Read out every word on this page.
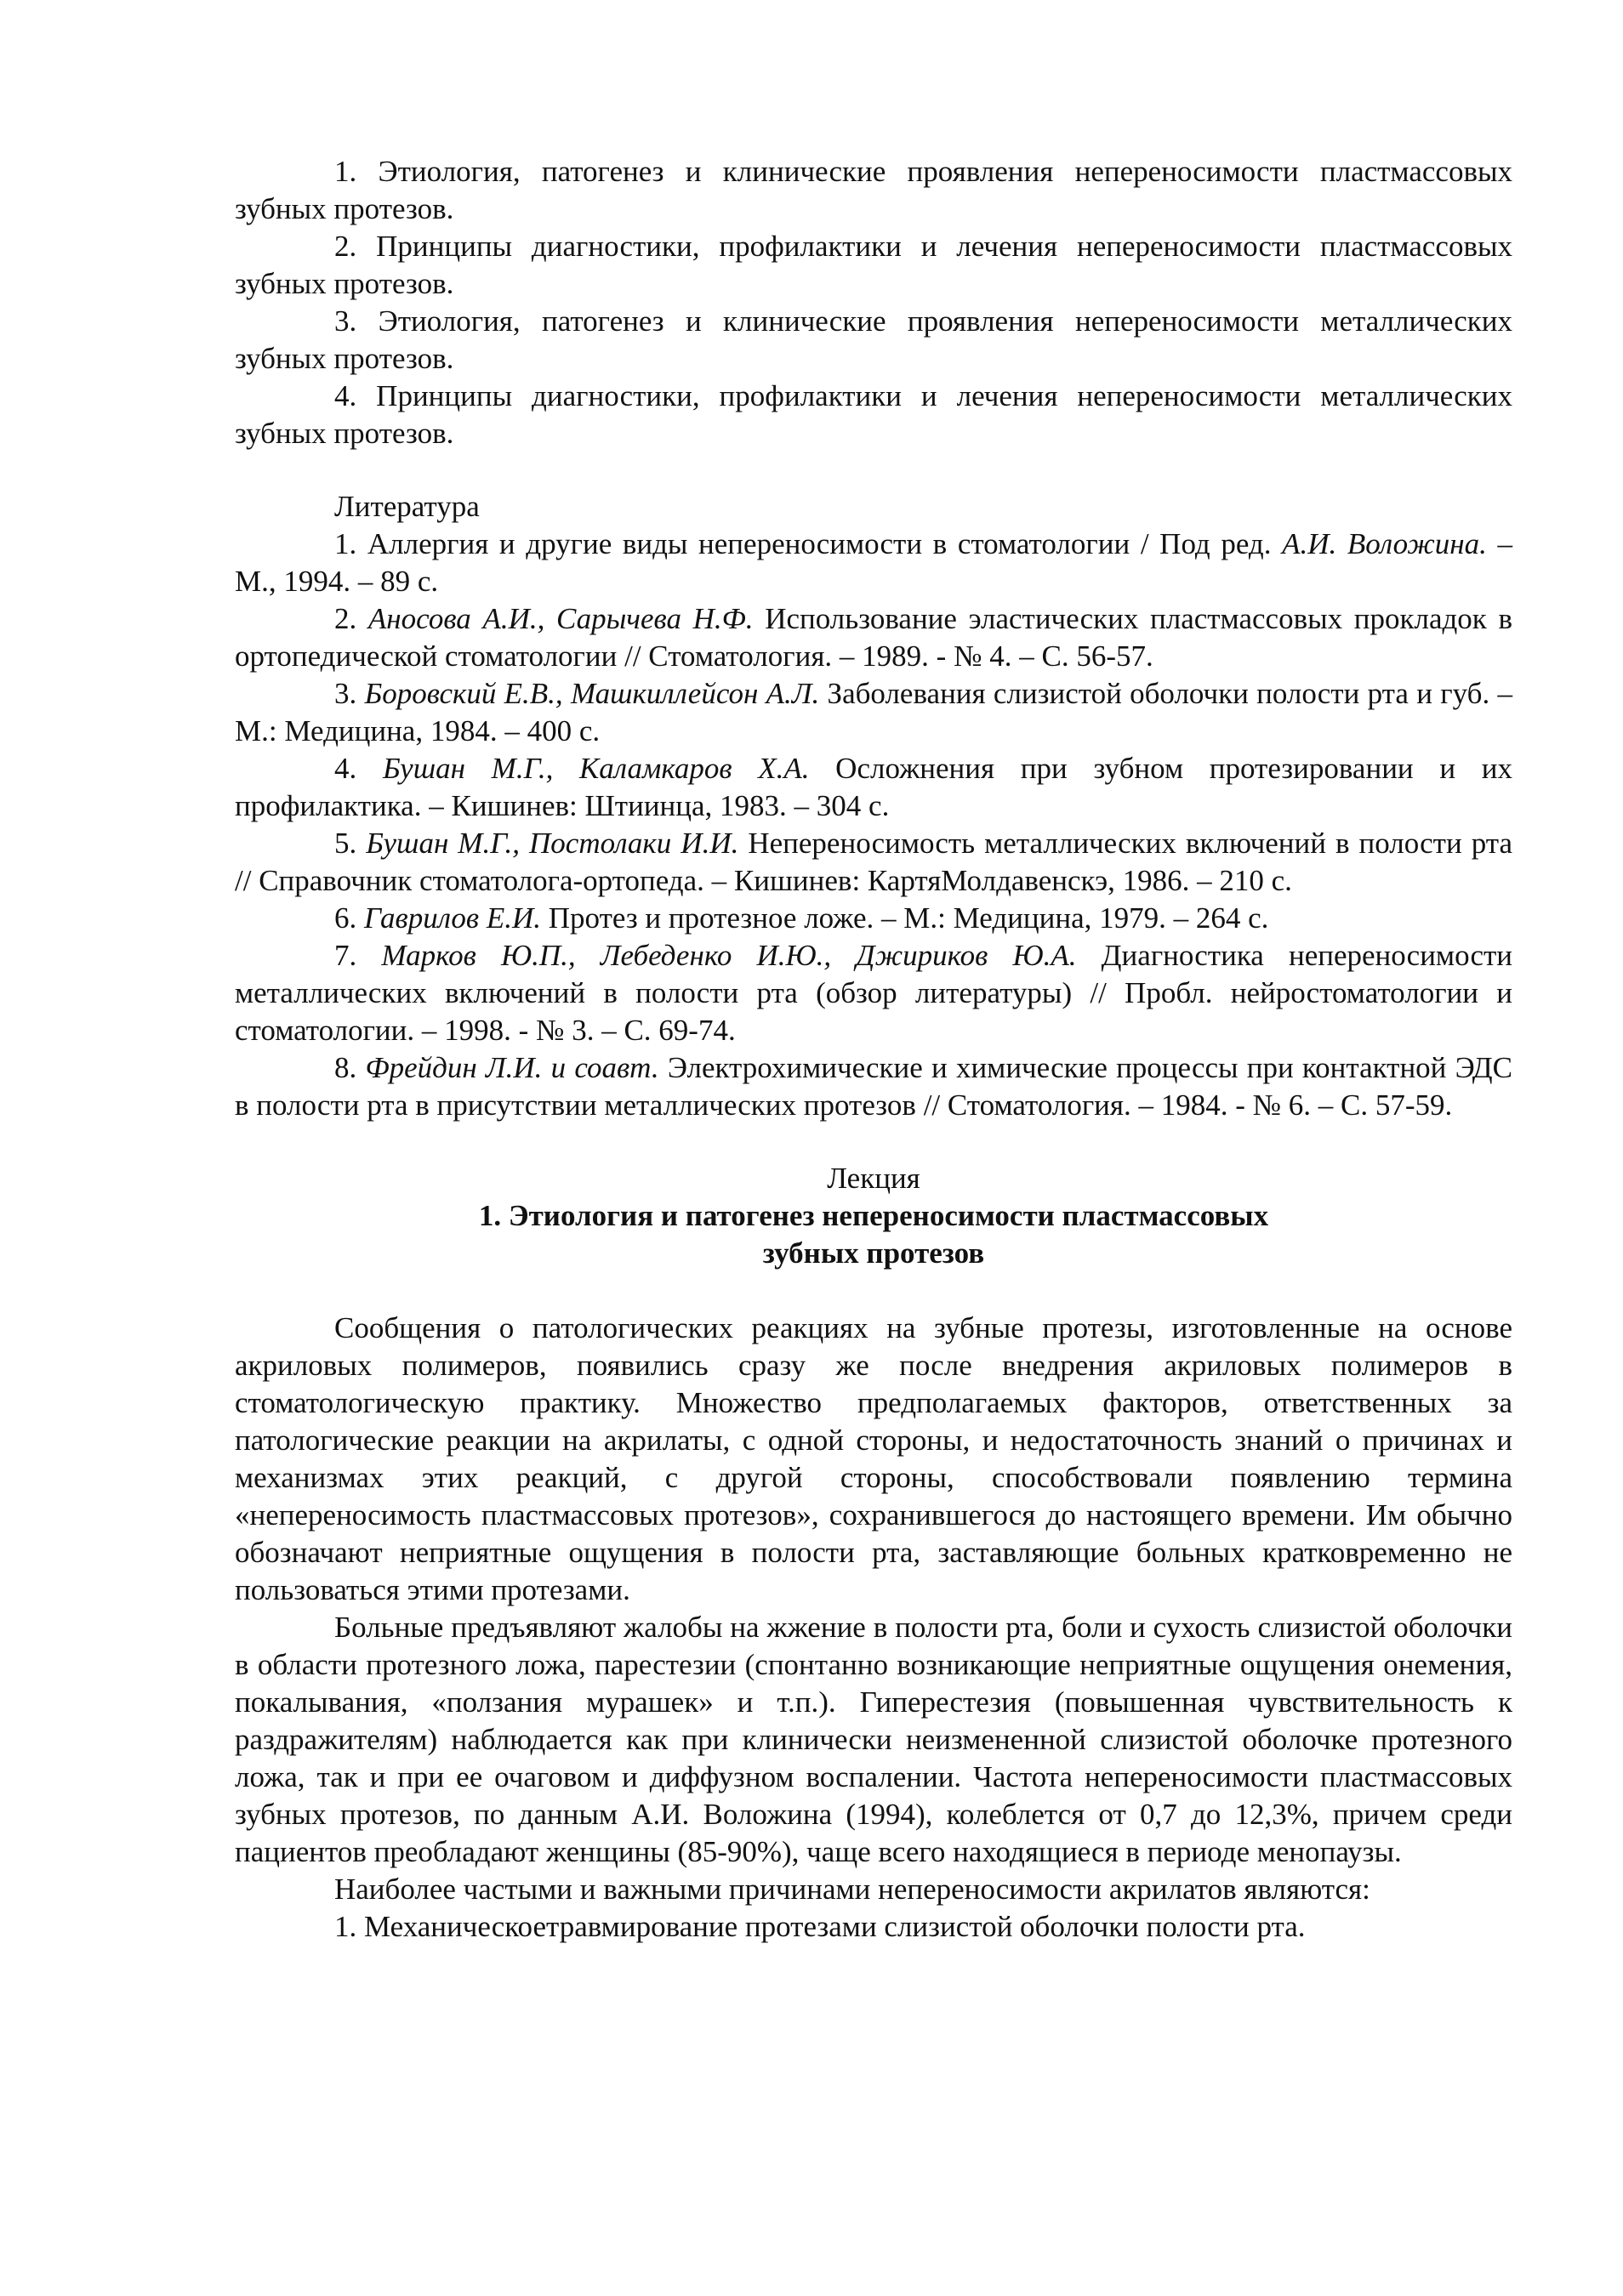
1. Этиология, патогенез и клинические проявления непереносимости пластмассовых зубных протезов.

2. Принципы диагностики, профилактики и лечения непереносимости пластмассовых зубных протезов.

3. Этиология, патогенез и клинические проявления непереносимости металлических зубных протезов.

4. Принципы диагностики, профилактики и лечения непереносимости металлических зубных протезов.

Литература

1. Аллергия и другие виды непереносимости в стоматологии / Под ред. А.И. Воложина. – М., 1994. – 89 с.

2. Аносова А.И., Сарычева Н.Ф. Использование эластических пластмассовых прокладок в ортопедической стоматологии // Стоматология. – 1989. - № 4. – С. 56-57.

3. Боровский Е.В., Машкиллейсон А.Л. Заболевания слизистой оболочки полости рта и губ. – М.: Медицина, 1984. – 400 с.

4. Бушан М.Г., Каламкаров Х.А. Осложнения при зубном протезировании и их профилактика. – Кишинев: Штиинца, 1983. – 304 с.

5. Бушан М.Г., Постолаки И.И. Непереносимость металлических включений в полости рта // Справочник стоматолога-ортопеда. – Кишинев: КартяМолдавенскэ, 1986. – 210 с.

6. Гаврилов Е.И. Протез и протезное ложе. – М.: Медицина, 1979. – 264 с.

7. Марков Ю.П., Лебеденко И.Ю., Джириков Ю.А. Диагностика непереносимости металлических включений в полости рта (обзор литературы) // Пробл. нейростоматологии и стоматологии. – 1998. - № 3. – С. 69-74.

8. Фрейдин Л.И. и соавт. Электрохимические и химические процессы при контактной ЭДС в полости рта в присутствии металлических протезов // Стоматология. – 1984. - № 6. – С. 57-59.

Лекция

1. Этиология и патогенез непереносимости пластмассовых

зубных протезов

Сообщения о патологических реакциях на зубные протезы, изготовленные на основе акриловых полимеров, появились сразу же после внедрения акриловых полимеров в стоматологическую практику. Множество предполагаемых факторов, ответственных за патологические реакции на акрилаты, с одной стороны, и недостаточность знаний о причинах и механизмах этих реакций, с другой стороны, способствовали появлению термина «непереносимость пластмассовых протезов», сохранившегося до настоящего времени. Им обычно обозначают неприятные ощущения в полости рта, заставляющие больных кратковременно не пользоваться этими протезами.

Больные предъявляют жалобы на жжение в полости рта, боли и сухость слизистой оболочки в области протезного ложа, парестезии (спонтанно возникающие неприятные ощущения онемения, покалывания, «ползания мурашек» и т.п.). Гиперестезия (повышенная чувствительность к раздражителям) наблюдается как при клинически неизмененной слизистой оболочке протезного ложа, так и при ее очаговом и диффузном воспалении. Частота непереносимости пластмассовых зубных протезов, по данным А.И. Воложина (1994), колеблется от 0,7 до 12,3%, причем среди пациентов преобладают женщины (85-90%), чаще всего находящиеся в периоде менопаузы.

Наиболее частыми и важными причинами непереносимости акрилатов являются:

1. Механическоетравмирование протезами слизистой оболочки полости рта.
